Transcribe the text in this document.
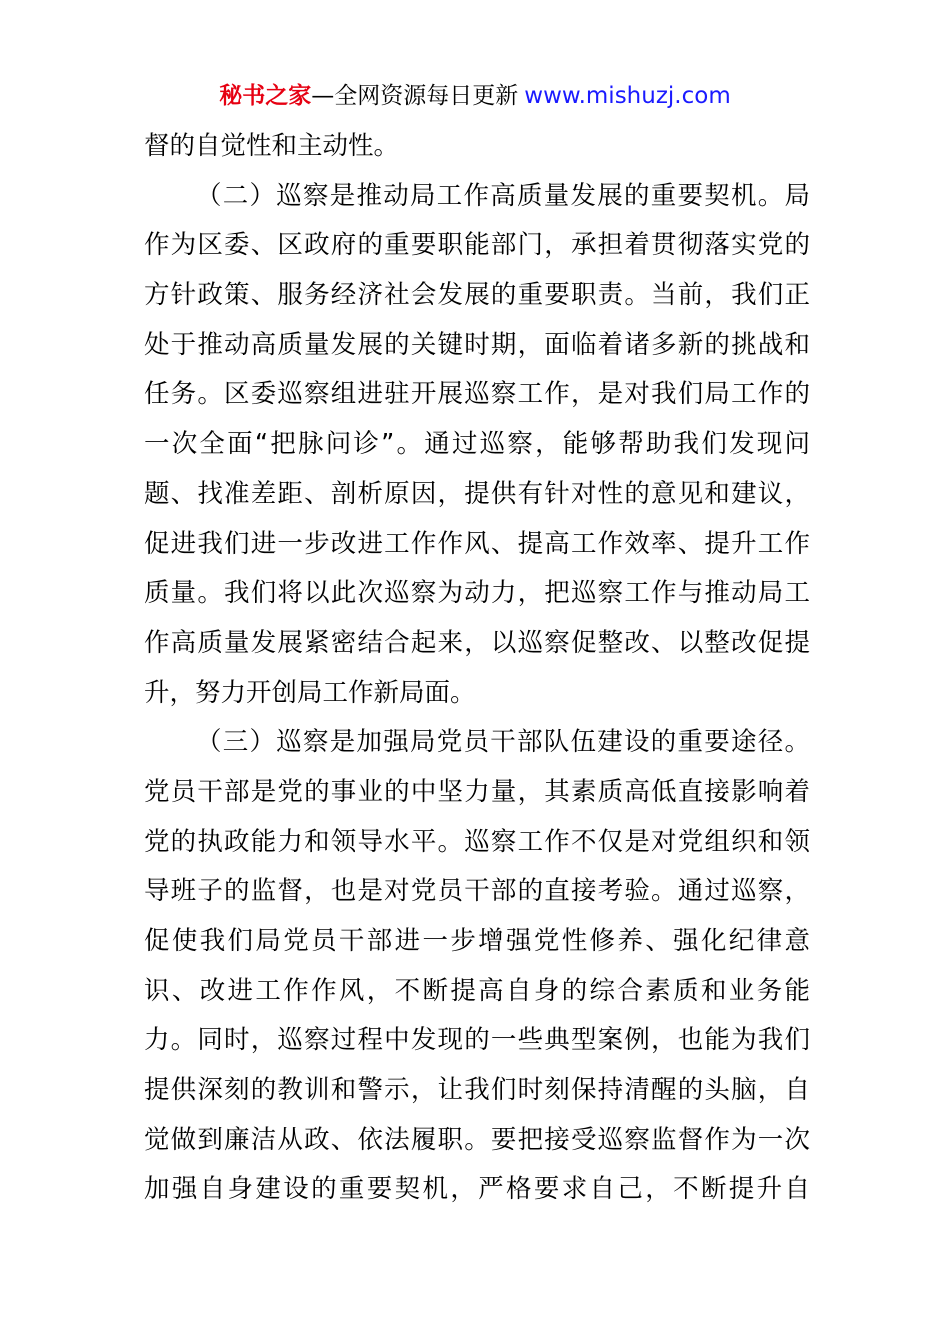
秘书之家—全网资源每日更新 www.mishuzj.com
督的自觉性和主动性。
（二）巡察是推动局工作高质量发展的重要契机。局
作为区委、区政府的重要职能部门，承担着贯彻落实党的
方针政策、服务经济社会发展的重要职责。当前，我们正
处于推动高质量发展的关键时期，面临着诸多新的挑战和
任务。区委巡察组进驻开展巡察工作，是对我们局工作的
一次全面“把脉问诊”。通过巡察，能够帮助我们发现问
题、找准差距、剖析原因，提供有针对性的意见和建议，
促进我们进一步改进工作作风、提高工作效率、提升工作
质量。我们将以此次巡察为动力，把巡察工作与推动局工
作高质量发展紧密结合起来，以巡察促整改、以整改促提
升，努力开创局工作新局面。
（三）巡察是加强局党员干部队伍建设的重要途径。
党员干部是党的事业的中坚力量，其素质高低直接影响着
党的执政能力和领导水平。巡察工作不仅是对党组织和领
导班子的监督，也是对党员干部的直接考验。通过巡察，
促使我们局党员干部进一步增强党性修养、强化纪律意
识、改进工作作风，不断提高自身的综合素质和业务能
力。同时，巡察过程中发现的一些典型案例，也能为我们
提供深刻的教训和警示，让我们时刻保持清醒的头脑，自
觉做到廉洁从政、依法履职。要把接受巡察监督作为一次
加强自身建设的重要契机，严格要求自己，不断提升自
